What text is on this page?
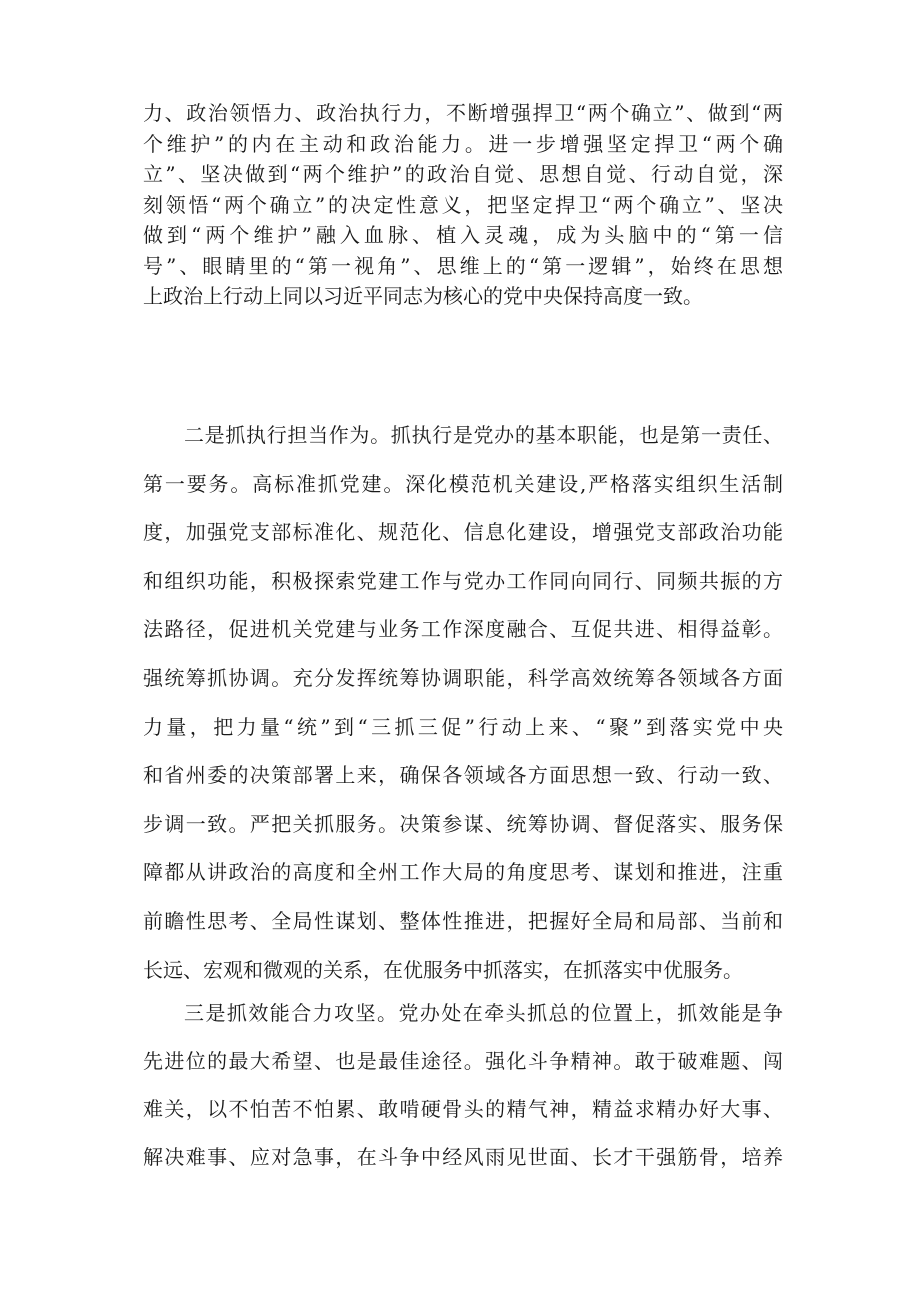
力、政治领悟力、政治执行力，不断增强捍卫“两个确立”、做到“两
个维护”的内在主动和政治能力。进一步增强坚定捍卫“两个确
立”、坚决做到“两个维护”的政治自觉、思想自觉、行动自觉，深
刻领悟“两个确立”的决定性意义，把坚定捍卫“两个确立”、坚决
做到“两个维护”融入血脉、植入灵魂，成为头脑中的“第一信
号”、眼睛里的“第一视角”、思维上的“第一逻辑”，始终在思想
上政治上行动上同以习近平同志为核心的党中央保持高度一致。
二是抓执行担当作为。抓执行是党办的基本职能，也是第一责任、
第一要务。高标准抓党建。深化模范机关建设,严格落实组织生活制
度，加强党支部标准化、规范化、信息化建设，增强党支部政治功能
和组织功能，积极探索党建工作与党办工作同向同行、同频共振的方
法路径，促进机关党建与业务工作深度融合、互促共进、相得益彰。
强统筹抓协调。充分发挥统筹协调职能，科学高效统筹各领域各方面
力量，把力量“统”到“三抓三促”行动上来、“聚”到落实党中央
和省州委的决策部署上来，确保各领域各方面思想一致、行动一致、
步调一致。严把关抓服务。决策参谋、统筹协调、督促落实、服务保
障都从讲政治的高度和全州工作大局的角度思考、谋划和推进，注重
前瞻性思考、全局性谋划、整体性推进，把握好全局和局部、当前和
长远、宏观和微观的关系，在优服务中抓落实，在抓落实中优服务。
三是抓效能合力攻坚。党办处在牵头抓总的位置上，抓效能是争
先进位的最大希望、也是最佳途径。强化斗争精神。敢于破难题、闯
难关，以不怕苦不怕累、敢啃硬骨头的精气神，精益求精办好大事、
解决难事、应对急事，在斗争中经风雨见世面、长才干强筋骨，培养
